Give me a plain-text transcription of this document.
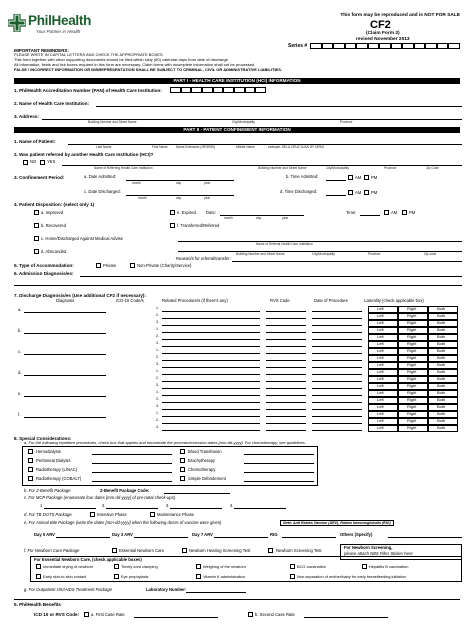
PhilHealth
Your Partner in Health
This form may be reproduced and is NOT FOR SALE
CF2
(Claim Form 2)
revised November 2013
Series #
IMPORTANT REMINDERS:
PLEASE WRITE IN CAPITAL LETTERS AND CHECK THE APPROPRIATE BOXES.
This form together with other supporting documents should be filed within sixty (60) calendar days from date of discharge.
All information, fields and tick boxes required in this form are necessary. Claim forms with incomplete information shall not be processed.
FALSE / INCORRECT INFORMATION OR MISREPRESENTATION SHALL BE SUBJECT TO CRIMINAL, CIVIL OR ADMINISTRATIVE LIABILITIES.
PART I - HEALTH CARE INSTITUTION (HCI) INFORMATION
1. PhilHealth Accreditation Number (PAN) of Health Care Institution:
2. Name of Health Care Institution:
3. Address:
Building Number and Street Name	City/Municipality	Province
PART II - PATIENT CONFINEMENT INFORMATION
1. Name of Patient:
Last Name	First Name	Name Extension (JR/SR/III)	Middle Name	example: DELA CRUZ JUAN JR SIPAG
2. Was patient referred by another Health Care Institution (HCI)?
NO	YES
Name of Referring Health Care Institution	Building Number and Street Name	City/Municipality	Province	Zip Code
3. Confinement Period:	a. Date Admitted:
month	day	year
b. Time Admitted:	AM PM
c. Date Discharged:
month	day	year
d. Time Discharged:	AM PM
4. Patient Disposition: (select only 1)
a. Improved	e. Expired. Date:
month	day	year
Time:	AM	PM
b. Recovered	f. Transferred/Referred
c. Home/Discharged Against Medical Advise
Name of Referral Health Care Institution
Building Number and Street Name	City/Municipality	Province	Zip code
d. Absconded
Reason/s for referral/transfer:
5. Type of Accommodation:	Private	Non-Private (Charity/Service)
6. Admission Diagnosis/es:
7. Discharge Diagnosis/es (Use additional CF2 if necessary):
Diagnosis	ICD-10 Code/s	Related Procedure/s (if there's any)	RVS Code	Date of Procedure	Laterality (check applicable box)
a.	1.	Left	Right	Both
2.	Left	Right	Both
3.	Left	Right	Both
b.	1.	Left	Right	Both
2.	Left	Right	Both
3.	Left	Right	Both
c.	1.	Left	Right	Both
2.	Left	Right	Both
3.	Left	Right	Both
d.	1.	Left	Right	Both
2.	Left	Right	Both
3.	Left	Right	Both
e.	1.	Left	Right	Both
2.	Left	Right	Both
3.	Left	Right	Both
f.	1.	Left	Right	Both
2.	Left	Right	Both
3.	Left	Right	Both
8. Special Considerations:
a. For the following repetitive procedures, check box that applies and enumerate the procedure/session dates [mm-dd-yyyy]. For chemotherapy, see guidelines.
Hemodialysis
Peritoneal Dialysis
Radiotherapy (LINAC)
Radiotherapy (COBALT)
Blood Transfusion
Brachytherapy
Chemotherapy
Simple Debridement
b. For Z-Benefit Package	Z-Benefit Package Code:
c. For MCP Package (enumerate four dates [mm-dd-yyyy] of pre-natal check-ups)
1	2	3	4
d. For TB DOTS Package	Intensive Phase	Maintenance Phase
e. For Animal Bite Package (write the dates [mm-dd-yyyy] when the following doses of vaccine were given)	Note: Anti Rabies Vaccine (ARV), Rabies Immunoglobulin (RIG)
Day 0 ARV	Day 3 ARV	Day 7 ARV	RIG	Others (Specify)
f. For Newborn Care Package	Essential Newborn Care	Newborn Hearing Screening Test	Newborn Screening Test
For Newborn Screening,
please attach NBS Filter Sticker here
For Essential Newborn Care, (check applicable boxes)
Immediate drying of newborn	Timely cord clamping	Weighing of the newborn	BCG vaccination	Hepatitis B vaccination
Early skin-to-skin contact	Eye prophylaxis	Vitamin K administration	Non-separation of mother/baby for early breastfeeding initiation
g. For Outpatient HIV/AIDS Treatment Package	Laboratory Number:
9. PhilHealth Benefits
ICD 10 or RVS Code:	a. First Case Rate	b. Second Case Rate
